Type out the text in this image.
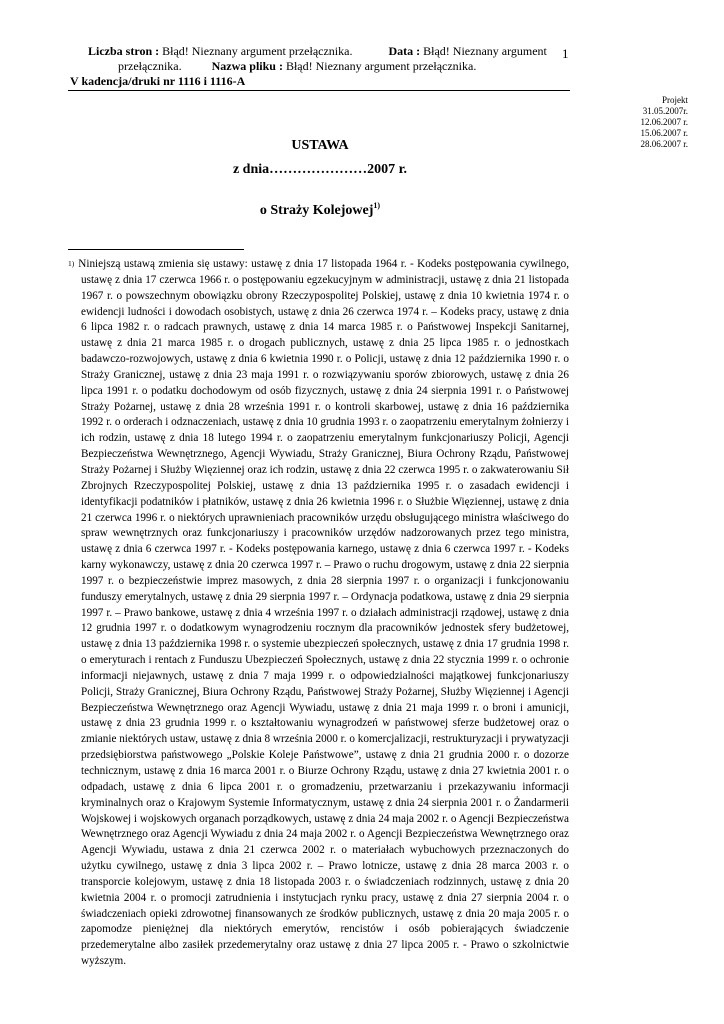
Liczba stron : Błąd! Nieznany argument przełącznika.	Data : Błąd! Nieznany argument
przełącznika.	Nazwa pliku : Błąd! Nieznany argument przełącznika.
V kadencja/druki nr 1116 i 1116-A
1
Projekt
31.05.2007r.
12.06.2007 r.
15.06.2007 r.
28.06.2007 r.
USTAWA
z dnia…………………2007 r.
o Straży Kolejowej$^{1)}$
$^{1)}$ Niniejszą ustawą zmienia się ustawy: ustawę z dnia 17 listopada 1964 r. - Kodeks postępowania cywilnego, ustawę z dnia 17 czerwca 1966 r. o postępowaniu egzekucyjnym w administracji, ustawę z dnia 21 listopada 1967 r. o powszechnym obowiązku obrony Rzeczypospolitej Polskiej, ustawę z dnia 10 kwietnia 1974 r. o ewidencji ludności i dowodach osobistych, ustawę z dnia 26 czerwca 1974 r. – Kodeks pracy, ustawę z dnia 6 lipca 1982 r. o radcach prawnych, ustawę z dnia 14 marca 1985 r. o Państwowej Inspekcji Sanitarnej, ustawę z dnia 21 marca 1985 r. o drogach publicznych, ustawę z dnia 25 lipca 1985 r. o jednostkach badawczo-rozwojowych, ustawę z dnia 6 kwietnia 1990 r. o Policji, ustawę z dnia 12 października 1990 r. o Straży Granicznej, ustawę z dnia 23 maja 1991 r. o rozwiązywaniu sporów zbiorowych, ustawę z dnia 26 lipca 1991 r. o podatku dochodowym od osób fizycznych, ustawę z dnia 24 sierpnia 1991 r. o Państwowej Straży Pożarnej, ustawę z dnia 28 września 1991 r. o kontroli skarbowej, ustawę z dnia 16 października 1992 r. o orderach i odznaczeniach, ustawę z dnia 10 grudnia 1993 r. o zaopatrzeniu emerytalnym żołnierzy i ich rodzin, ustawę z dnia 18 lutego 1994 r. o zaopatrzeniu emerytalnym funkcjonariuszy Policji, Agencji Bezpieczeństwa Wewnętrznego, Agencji Wywiadu, Straży Granicznej, Biura Ochrony Rządu, Państwowej Straży Pożarnej i Służby Więziennej oraz ich rodzin, ustawę z dnia 22 czerwca 1995 r. o zakwaterowaniu Sił Zbrojnych Rzeczypospolitej Polskiej, ustawę z dnia 13 października 1995 r. o zasadach ewidencji i identyfikacji podatników i płatników, ustawę z dnia 26 kwietnia 1996 r. o Służbie Więziennej, ustawę z dnia 21 czerwca 1996 r. o niektórych uprawnieniach pracowników urzędu obsługującego ministra właściwego do spraw wewnętrznych oraz funkcjonariuszy i pracowników urzędów nadzorowanych przez tego ministra, ustawę z dnia 6 czerwca 1997 r. - Kodeks postępowania karnego, ustawę z dnia 6 czerwca 1997 r. - Kodeks karny wykonawczy, ustawę z dnia 20 czerwca 1997 r. – Prawo o ruchu drogowym, ustawę z dnia 22 sierpnia 1997 r. o bezpieczeństwie imprez masowych, z dnia 28 sierpnia 1997 r. o organizacji i funkcjonowaniu funduszy emerytalnych, ustawę z dnia 29 sierpnia 1997 r. – Ordynacja podatkowa, ustawę z dnia 29 sierpnia 1997 r. – Prawo bankowe, ustawę z dnia 4 września 1997 r. o działach administracji rządowej, ustawę z dnia 12 grudnia 1997 r. o dodatkowym wynagrodzeniu rocznym dla pracowników jednostek sfery budżetowej, ustawę z dnia 13 października 1998 r. o systemie ubezpieczeń społecznych, ustawę z dnia 17 grudnia 1998 r. o emeryturach i rentach z Funduszu Ubezpieczeń Społecznych, ustawę z dnia 22 stycznia 1999 r. o ochronie informacji niejawnych, ustawę z dnia 7 maja 1999 r. o odpowiedzialności majątkowej funkcjonariuszy Policji, Straży Granicznej, Biura Ochrony Rządu, Państwowej Straży Pożarnej, Służby Więziennej i Agencji Bezpieczeństwa Wewnętrznego oraz Agencji Wywiadu, ustawę z dnia 21 maja 1999 r. o broni i amunicji, ustawę z dnia 23 grudnia 1999 r. o kształtowaniu wynagrodzeń w państwowej sferze budżetowej oraz o zmianie niektórych ustaw, ustawę z dnia 8 września 2000 r. o komercjalizacji, restrukturyzacji i prywatyzacji przedsiębiorstwa państwowego „Polskie Koleje Państwowe”, ustawę z dnia 21 grudnia 2000 r. o dozorze technicznym, ustawę z dnia 16 marca 2001 r. o Biurze Ochrony Rządu, ustawę z dnia 27 kwietnia 2001 r. o odpadach, ustawę z dnia 6 lipca 2001 r. o gromadzeniu, przetwarzaniu i przekazywaniu informacji kryminalnych oraz o Krajowym Systemie Informatycznym, ustawę z dnia 24 sierpnia 2001 r. o Żandarmerii Wojskowej i wojskowych organach porządkowych, ustawę z dnia 24 maja 2002 r. o Agencji Bezpieczeństwa Wewnętrznego oraz Agencji Wywiadu z dnia 24 maja 2002 r. o Agencji Bezpieczeństwa Wewnętrznego oraz Agencji Wywiadu, ustawa z dnia 21 czerwca 2002 r. o materiałach wybuchowych przeznaczonych do użytku cywilnego, ustawę z dnia 3 lipca 2002 r. – Prawo lotnicze, ustawę z dnia 28 marca 2003 r. o transporcie kolejowym, ustawę z dnia 18 listopada 2003 r. o świadczeniach rodzinnych, ustawę z dnia 20 kwietnia 2004 r. o promocji zatrudnienia i instytucjach rynku pracy, ustawę z dnia 27 sierpnia 2004 r. o świadczeniach opieki zdrowotnej finansowanych ze środków publicznych, ustawę z dnia 20 maja 2005 r. o zapomodze pieniężnej dla niektórych emerytów, rencistów i osób pobierających świadczenie przedemerytalne albo zasiłek przedemerytalny oraz ustawę z dnia 27 lipca 2005 r. - Prawo o szkolnictwie wyższym.
